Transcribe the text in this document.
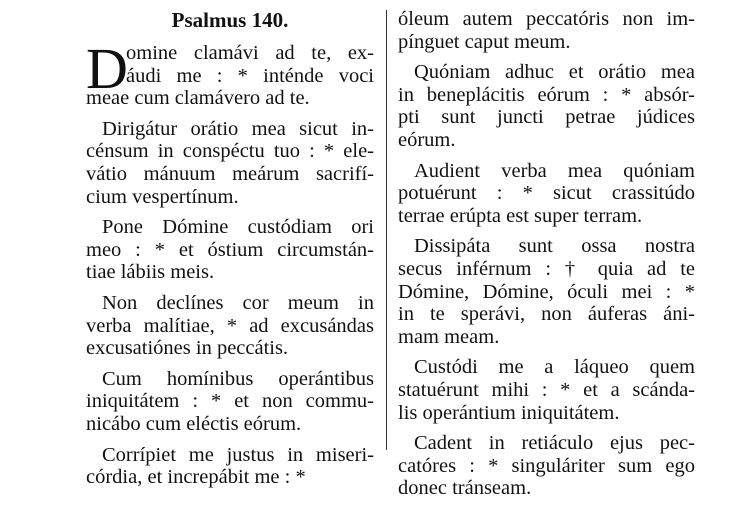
Psalmus 140.
D
omine clamávi ad te, ex-
áudi me : * inténde voci
meae cum clamávero ad te.
Dirigátur orátio mea sicut in-
cénsum in conspéctu tuo : * ele-
vátio mánuum meárum sacrifí-
cium vespertínum.
Pone Dómine custódiam ori
meo : * et óstium circumstán-
tiae lábiis meis.
Non declínes cor meum in
verba malítiae, * ad excusándas
excusatiónes in peccátis.
Cum homínibus operántibus
iniquitátem : * et non commu-
nicábo cum eléctis eórum.
Corrípiet me justus in miseri-
córdia, et increpábit me : *
óleum autem peccatóris non im-
pínguet caput meum.
Quóniam adhuc et orátio mea
in beneplácitis eórum : * absór-
pti sunt juncti petrae júdices
eórum.
Audient verba mea quóniam
potuérunt : * sicut crassitúdo
terrae erúpta est super terram.
Dissipáta sunt ossa nostra
secus inférnum : † quia ad te
Dómine, Dómine, óculi mei : *
in te sperávi, non áuferas áni-
mam meam.
Custódi me a láqueo quem
statuérunt mihi : * et a scánda-
lis operántium iniquitátem.
Cadent in retiáculo ejus pec-
catóres : * singuláriter sum ego
donec tránseam.
